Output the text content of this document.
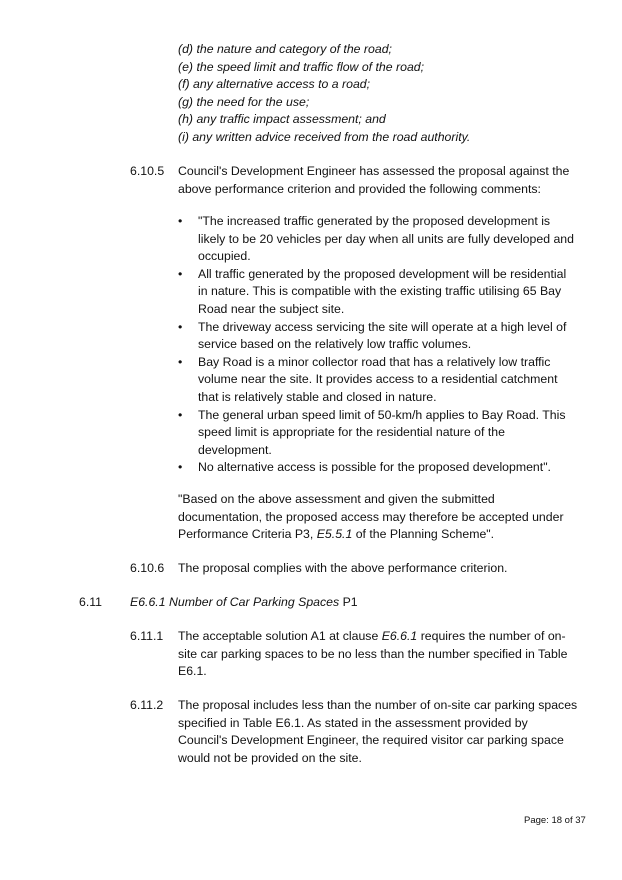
(d) the nature and category of the road;

(e) the speed limit and traffic flow of the road;

(f) any alternative access to a road;

(g) the need for the use;

(h) any traffic impact assessment; and

(i) any written advice received from the road authority.

6.10.5 Council's Development Engineer has assessed the proposal against the above performance criterion and provided the following comments:

• "The increased traffic generated by the proposed development is likely to be 20 vehicles per day when all units are fully developed and occupied.
• All traffic generated by the proposed development will be residential in nature. This is compatible with the existing traffic utilising 65 Bay Road near the subject site.
• The driveway access servicing the site will operate at a high level of service based on the relatively low traffic volumes.
• Bay Road is a minor collector road that has a relatively low traffic volume near the site. It provides access to a residential catchment that is relatively stable and closed in nature.
• The general urban speed limit of 50-km/h applies to Bay Road. This speed limit is appropriate for the residential nature of the development.
• No alternative access is possible for the proposed development".

"Based on the above assessment and given the submitted documentation, the proposed access may therefore be accepted under Performance Criteria P3, E5.5.1 of the Planning Scheme".

6.10.6 The proposal complies with the above performance criterion.

6.11 E6.6.1 Number of Car Parking Spaces P1

6.11.1 The acceptable solution A1 at clause E6.6.1 requires the number of on-site car parking spaces to be no less than the number specified in Table E6.1.

6.11.2 The proposal includes less than the number of on-site car parking spaces specified in Table E6.1. As stated in the assessment provided by Council's Development Engineer, the required visitor car parking space would not be provided on the site.

Page: 18 of 37
